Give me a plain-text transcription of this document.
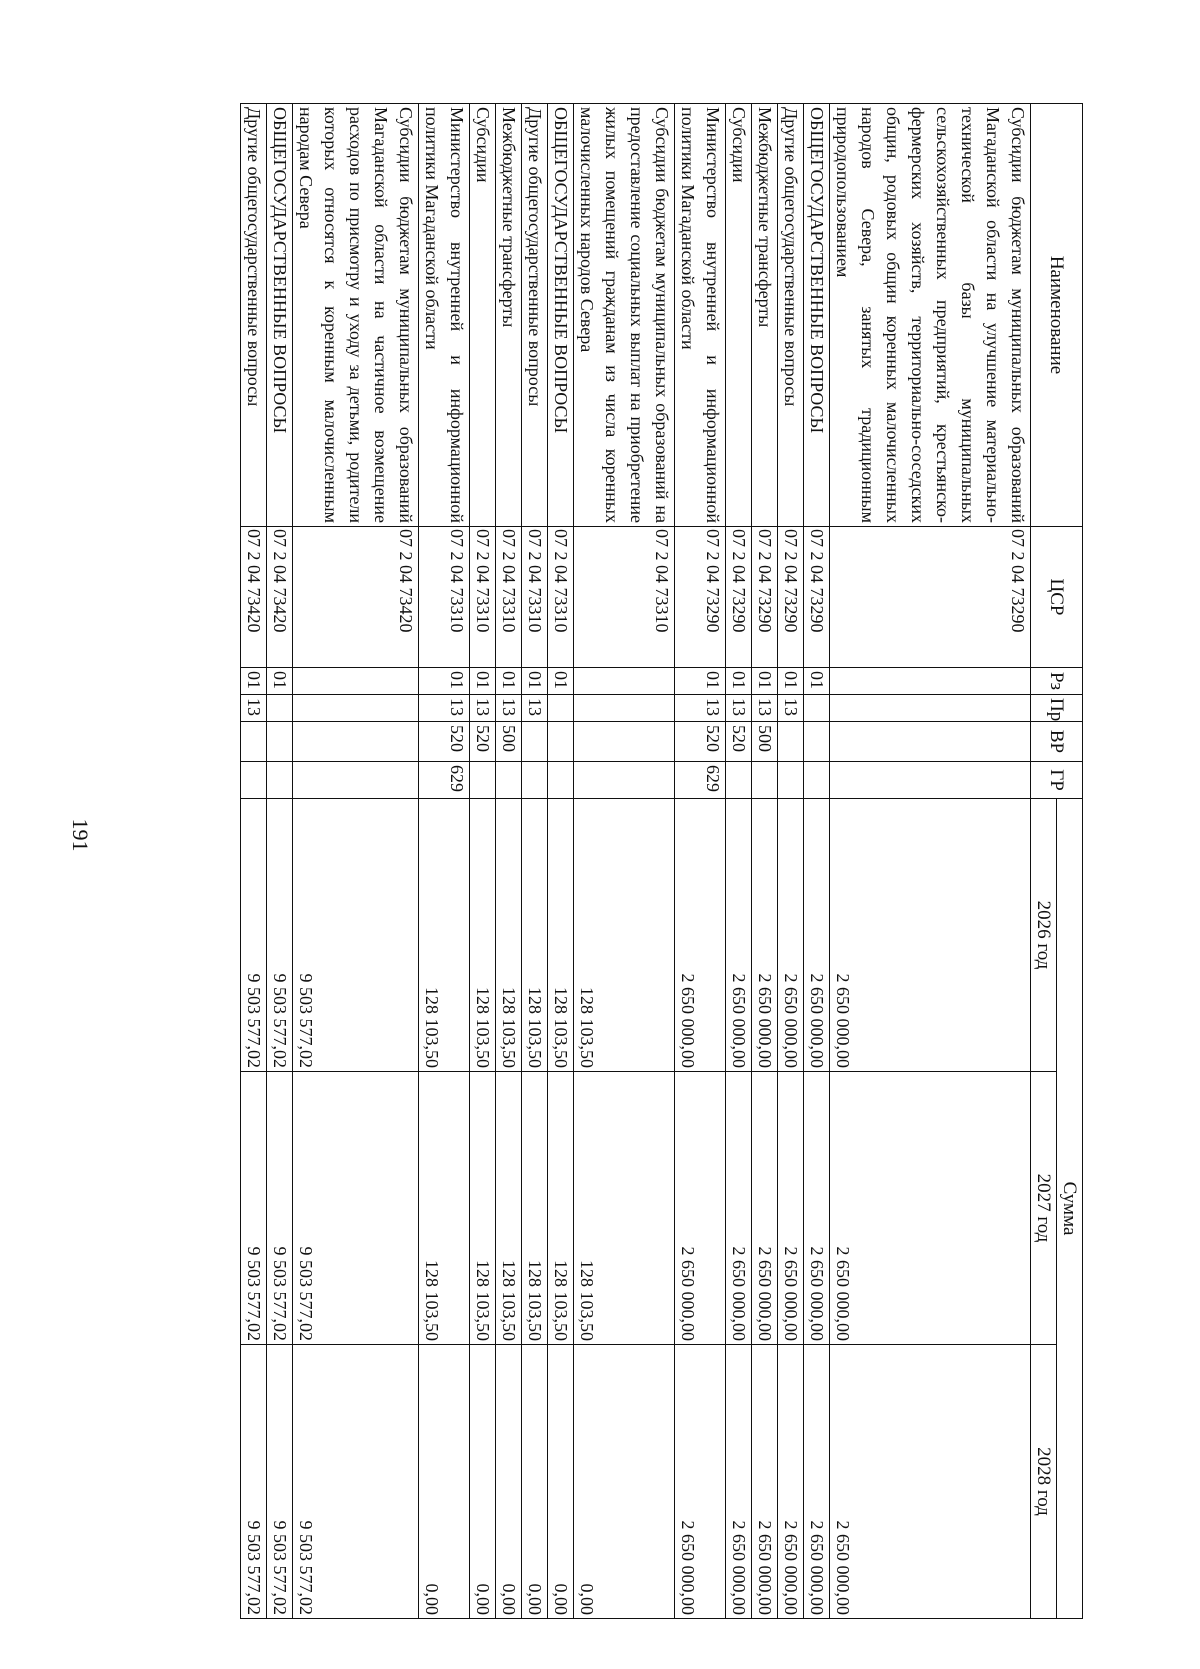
191
Наименование	ЦСР	Рз	Пр	ВР	ГР	Сумма		
						2026 год	2027 год	2028 год
Субсидии бюджетам муниципальных образований Магаданской области на улучшение материально-технической базы муниципальных сельскохозяйственных предприятий, крестьянско-фермерских хозяйств, территориально-соседских общин, родовых общин коренных малочисленных народов Севера, занятых традиционным природопользованием	07 2 04 73290					2 650 000,00	2 650 000,00	2 650 000,00
ОБЩЕГОСУДАРСТВЕННЫЕ ВОПРОСЫ	07 2 04 73290	01				2 650 000,00	2 650 000,00	2 650 000,00
Другие общегосударственные вопросы	07 2 04 73290	01	13			2 650 000,00	2 650 000,00	2 650 000,00
Межбюджетные трансферты	07 2 04 73290	01	13	500		2 650 000,00	2 650 000,00	2 650 000,00
Субсидии	07 2 04 73290	01	13	520		2 650 000,00	2 650 000,00	2 650 000,00
Министерство внутренней и информационной политики Магаданской области	07 2 04 73290	01	13	520	629	2 650 000,00	2 650 000,00	2 650 000,00
Субсидии бюджетам муниципальных образований на предоставление социальных выплат на приобретение жилых помещений гражданам из числа коренных малочисленных народов Севера	07 2 04 73310					128 103,50	128 103,50	0,00
ОБЩЕГОСУДАРСТВЕННЫЕ ВОПРОСЫ	07 2 04 73310	01				128 103,50	128 103,50	0,00
Другие общегосударственные вопросы	07 2 04 73310	01	13			128 103,50	128 103,50	0,00
Межбюджетные трансферты	07 2 04 73310	01	13	500		128 103,50	128 103,50	0,00
Субсидии	07 2 04 73310	01	13	520		128 103,50	128 103,50	0,00
Министерство внутренней и информационной политики Магаданской области	07 2 04 73310	01	13	520	629	128 103,50	128 103,50	0,00
Субсидии бюджетам муниципальных образований Магаданской области на частичное возмещение расходов по присмотру и уходу за детьми, родители которых относятся к коренным малочисленным народам Севера	07 2 04 73420					9 503 577,02	9 503 577,02	9 503 577,02
ОБЩЕГОСУДАРСТВЕННЫЕ ВОПРОСЫ	07 2 04 73420	01				9 503 577,02	9 503 577,02	9 503 577,02
Другие общегосударственные вопросы	07 2 04 73420	01	13			9 503 577,02	9 503 577,02	9 503 577,02
